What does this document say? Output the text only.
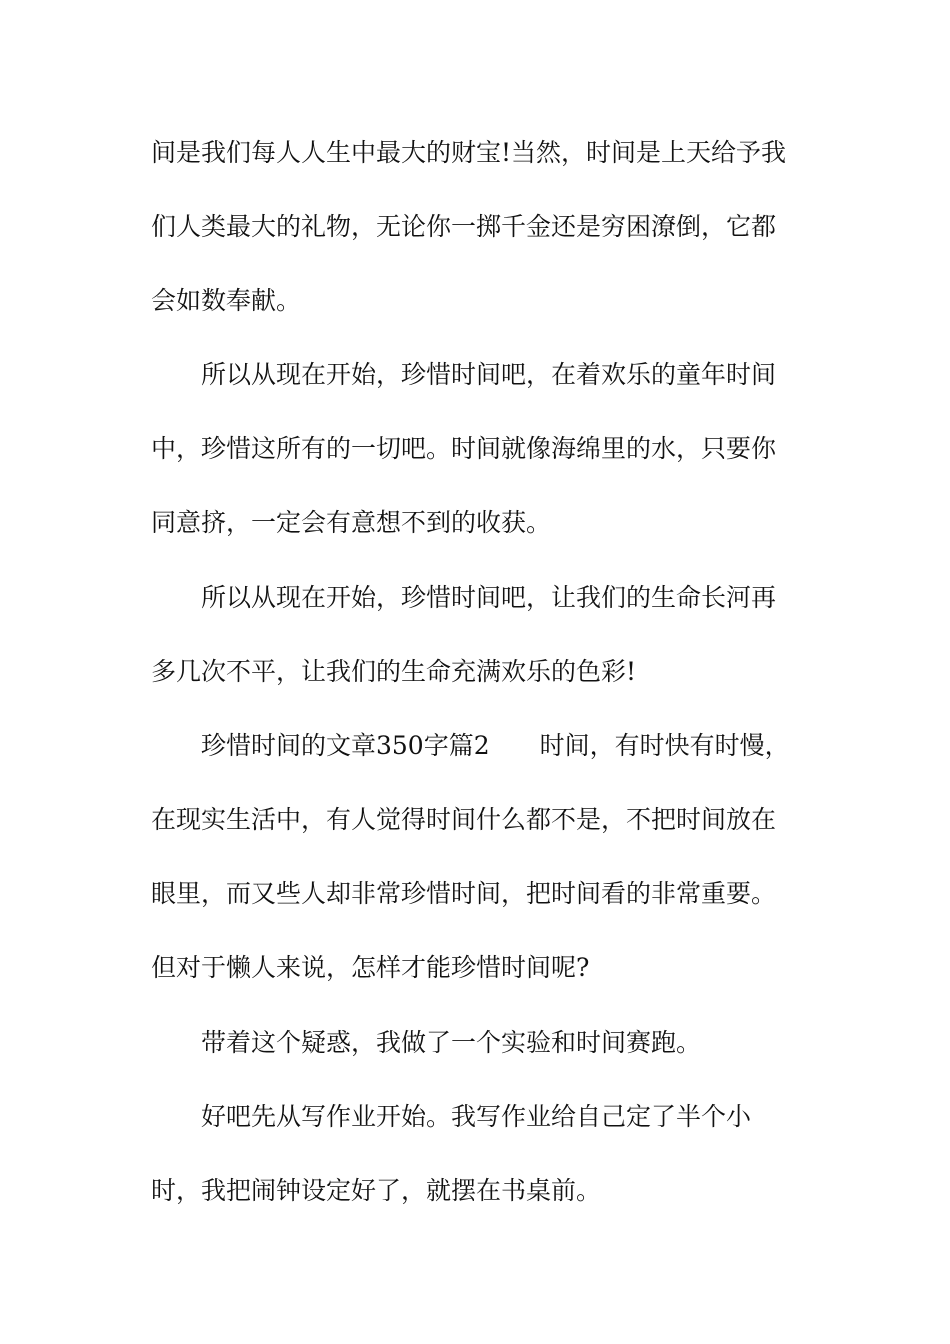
间是我们每人人生中最大的财宝!当然，时间是上天给予我
们人类最大的礼物，无论你一掷千金还是穷困潦倒，它都
会如数奉献。
所以从现在开始，珍惜时间吧，在着欢乐的童年时间
中，珍惜这所有的一切吧。时间就像海绵里的水，只要你
同意挤，一定会有意想不到的收获。
所以从现在开始，珍惜时间吧，让我们的生命长河再
多几次不平，让我们的生命充满欢乐的色彩!
珍惜时间的文章350字篇2 时间，有时快有时慢，
在现实生活中，有人觉得时间什么都不是，不把时间放在
眼里，而又些人却非常珍惜时间，把时间看的非常重要。
但对于懒人来说，怎样才能珍惜时间呢?
带着这个疑惑，我做了一个实验和时间赛跑。
好吧先从写作业开始。我写作业给自己定了半个小
时，我把闹钟设定好了，就摆在书桌前。
